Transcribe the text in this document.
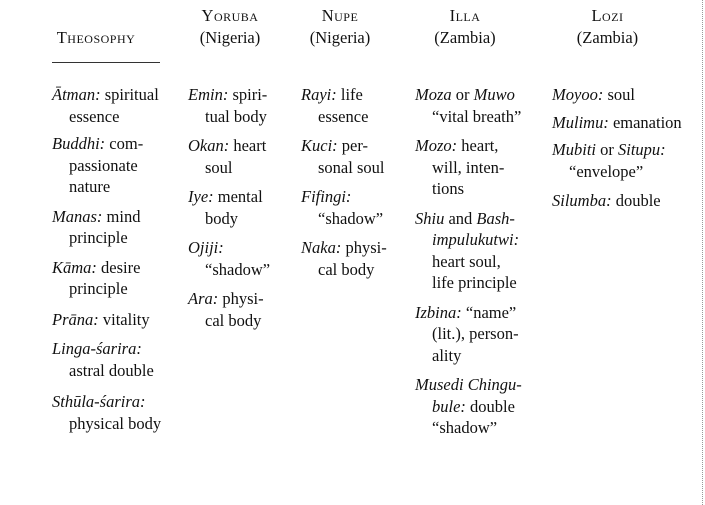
Theosophy
Yoruba
(Nigeria)
Nupe
(Nigeria)
Illa
(Zambia)
Lozi
(Zambia)
Ātman: spiritual
essence
Buddhi: com-
passionate
nature
Manas: mind
principle
Kāma: desire
principle
Prāna: vitality
Linga-śarira:
astral double
Sthūla-śarira:
physical body
Emin: spiri-
tual body
Okan: heart
soul
Iye: mental
body
Ojiji:
“shadow”
Ara: physi-
cal body
Rayi: life
essence
Kuci: per-
sonal soul
Fifingi:
“shadow”
Naka: physi-
cal body
Moza or Muwo
“vital breath”
Mozo: heart,
will, inten-
tions
Shiu and Bash-
impulukutwi:
heart soul,
life principle
Izbina: “name”
(lit.), person-
ality
Musedi Chingu-
bule: double
“shadow”
Moyoo: soul
Mulimu: emanation
Mubiti or Situpu:
“envelope”
Silumba: double
